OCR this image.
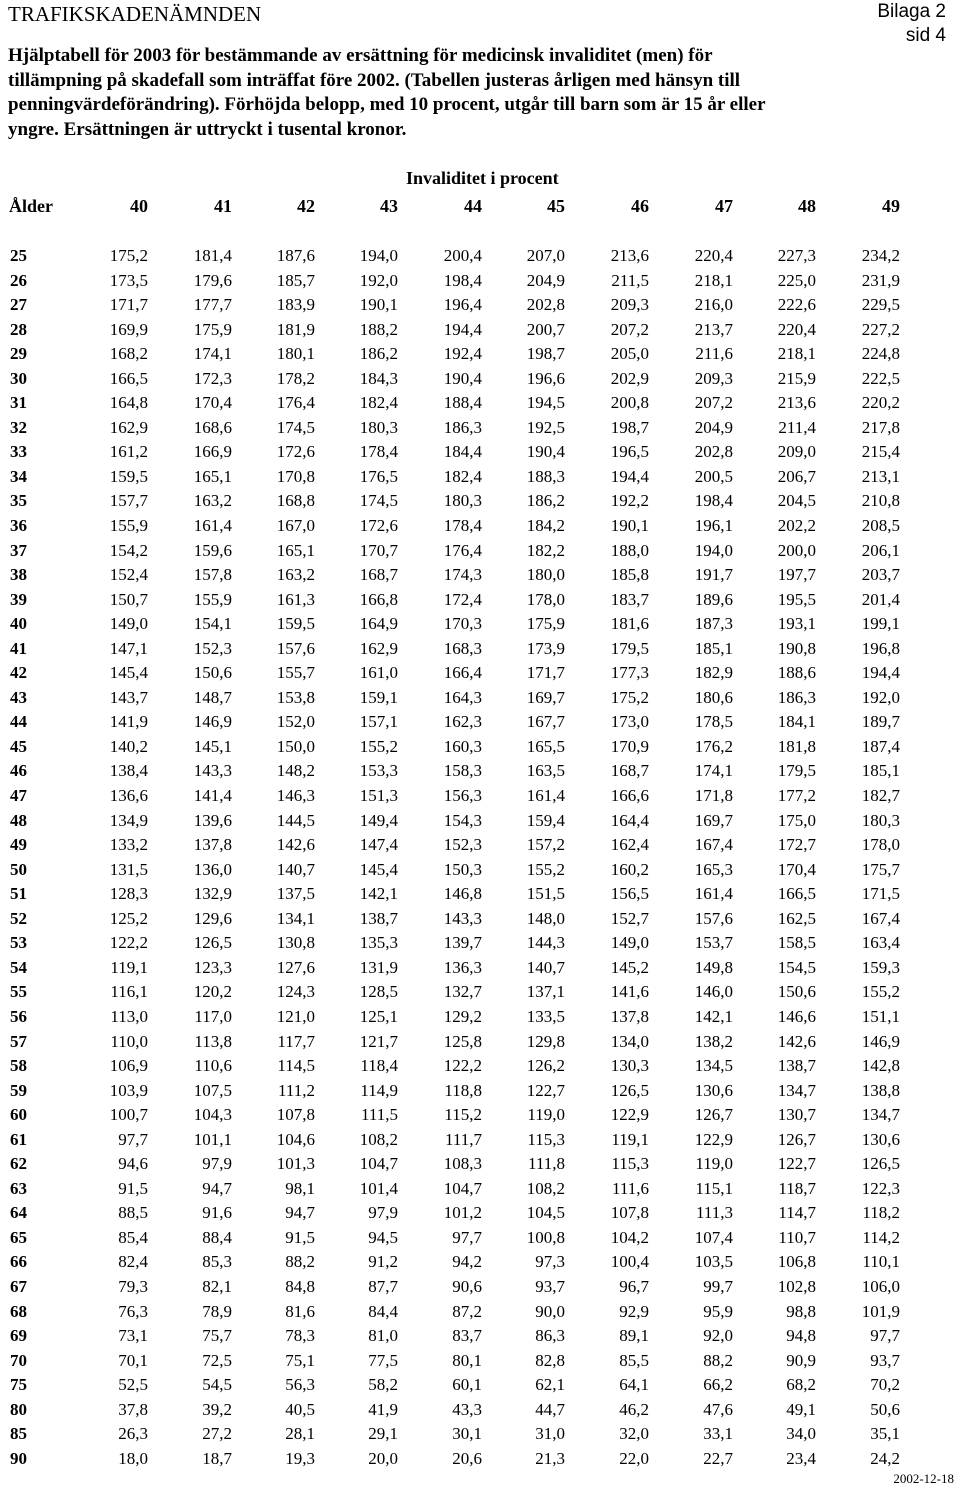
TRAFIKSKADENÄMNDEN	Bilaga 2
sid 4
Hjälptabell för 2003 för bestämmande av ersättning för medicinsk invaliditet (men) för tillämpning på skadefall som inträffat före 2002. (Tabellen justeras årligen med hänsyn till penningvärdeförändring). Förhöjda belopp, med 10 procent, utgår till barn som är 15 år eller yngre. Ersättningen är uttryckt i tusental kronor.
Invaliditet i procent
Ålder	40	41	42	43	44	45	46	47	48	49
25	175,2	181,4	187,6	194,0	200,4	207,0	213,6	220,4	227,3	234,2
26	173,5	179,6	185,7	192,0	198,4	204,9	211,5	218,1	225,0	231,9
27	171,7	177,7	183,9	190,1	196,4	202,8	209,3	216,0	222,6	229,5
28	169,9	175,9	181,9	188,2	194,4	200,7	207,2	213,7	220,4	227,2
29	168,2	174,1	180,1	186,2	192,4	198,7	205,0	211,6	218,1	224,8
30	166,5	172,3	178,2	184,3	190,4	196,6	202,9	209,3	215,9	222,5
31	164,8	170,4	176,4	182,4	188,4	194,5	200,8	207,2	213,6	220,2
32	162,9	168,6	174,5	180,3	186,3	192,5	198,7	204,9	211,4	217,8
33	161,2	166,9	172,6	178,4	184,4	190,4	196,5	202,8	209,0	215,4
34	159,5	165,1	170,8	176,5	182,4	188,3	194,4	200,5	206,7	213,1
35	157,7	163,2	168,8	174,5	180,3	186,2	192,2	198,4	204,5	210,8
36	155,9	161,4	167,0	172,6	178,4	184,2	190,1	196,1	202,2	208,5
37	154,2	159,6	165,1	170,7	176,4	182,2	188,0	194,0	200,0	206,1
38	152,4	157,8	163,2	168,7	174,3	180,0	185,8	191,7	197,7	203,7
39	150,7	155,9	161,3	166,8	172,4	178,0	183,7	189,6	195,5	201,4
40	149,0	154,1	159,5	164,9	170,3	175,9	181,6	187,3	193,1	199,1
41	147,1	152,3	157,6	162,9	168,3	173,9	179,5	185,1	190,8	196,8
42	145,4	150,6	155,7	161,0	166,4	171,7	177,3	182,9	188,6	194,4
43	143,7	148,7	153,8	159,1	164,3	169,7	175,2	180,6	186,3	192,0
44	141,9	146,9	152,0	157,1	162,3	167,7	173,0	178,5	184,1	189,7
45	140,2	145,1	150,0	155,2	160,3	165,5	170,9	176,2	181,8	187,4
46	138,4	143,3	148,2	153,3	158,3	163,5	168,7	174,1	179,5	185,1
47	136,6	141,4	146,3	151,3	156,3	161,4	166,6	171,8	177,2	182,7
48	134,9	139,6	144,5	149,4	154,3	159,4	164,4	169,7	175,0	180,3
49	133,2	137,8	142,6	147,4	152,3	157,2	162,4	167,4	172,7	178,0
50	131,5	136,0	140,7	145,4	150,3	155,2	160,2	165,3	170,4	175,7
51	128,3	132,9	137,5	142,1	146,8	151,5	156,5	161,4	166,5	171,5
52	125,2	129,6	134,1	138,7	143,3	148,0	152,7	157,6	162,5	167,4
53	122,2	126,5	130,8	135,3	139,7	144,3	149,0	153,7	158,5	163,4
54	119,1	123,3	127,6	131,9	136,3	140,7	145,2	149,8	154,5	159,3
55	116,1	120,2	124,3	128,5	132,7	137,1	141,6	146,0	150,6	155,2
56	113,0	117,0	121,0	125,1	129,2	133,5	137,8	142,1	146,6	151,1
57	110,0	113,8	117,7	121,7	125,8	129,8	134,0	138,2	142,6	146,9
58	106,9	110,6	114,5	118,4	122,2	126,2	130,3	134,5	138,7	142,8
59	103,9	107,5	111,2	114,9	118,8	122,7	126,5	130,6	134,7	138,8
60	100,7	104,3	107,8	111,5	115,2	119,0	122,9	126,7	130,7	134,7
61	97,7	101,1	104,6	108,2	111,7	115,3	119,1	122,9	126,7	130,6
62	94,6	97,9	101,3	104,7	108,3	111,8	115,3	119,0	122,7	126,5
63	91,5	94,7	98,1	101,4	104,7	108,2	111,6	115,1	118,7	122,3
64	88,5	91,6	94,7	97,9	101,2	104,5	107,8	111,3	114,7	118,2
65	85,4	88,4	91,5	94,5	97,7	100,8	104,2	107,4	110,7	114,2
66	82,4	85,3	88,2	91,2	94,2	97,3	100,4	103,5	106,8	110,1
67	79,3	82,1	84,8	87,7	90,6	93,7	96,7	99,7	102,8	106,0
68	76,3	78,9	81,6	84,4	87,2	90,0	92,9	95,9	98,8	101,9
69	73,1	75,7	78,3	81,0	83,7	86,3	89,1	92,0	94,8	97,7
70	70,1	72,5	75,1	77,5	80,1	82,8	85,5	88,2	90,9	93,7
75	52,5	54,5	56,3	58,2	60,1	62,1	64,1	66,2	68,2	70,2
80	37,8	39,2	40,5	41,9	43,3	44,7	46,2	47,6	49,1	50,6
85	26,3	27,2	28,1	29,1	30,1	31,0	32,0	33,1	34,0	35,1
90	18,0	18,7	19,3	20,0	20,6	21,3	22,0	22,7	23,4	24,2
2002-12-18
